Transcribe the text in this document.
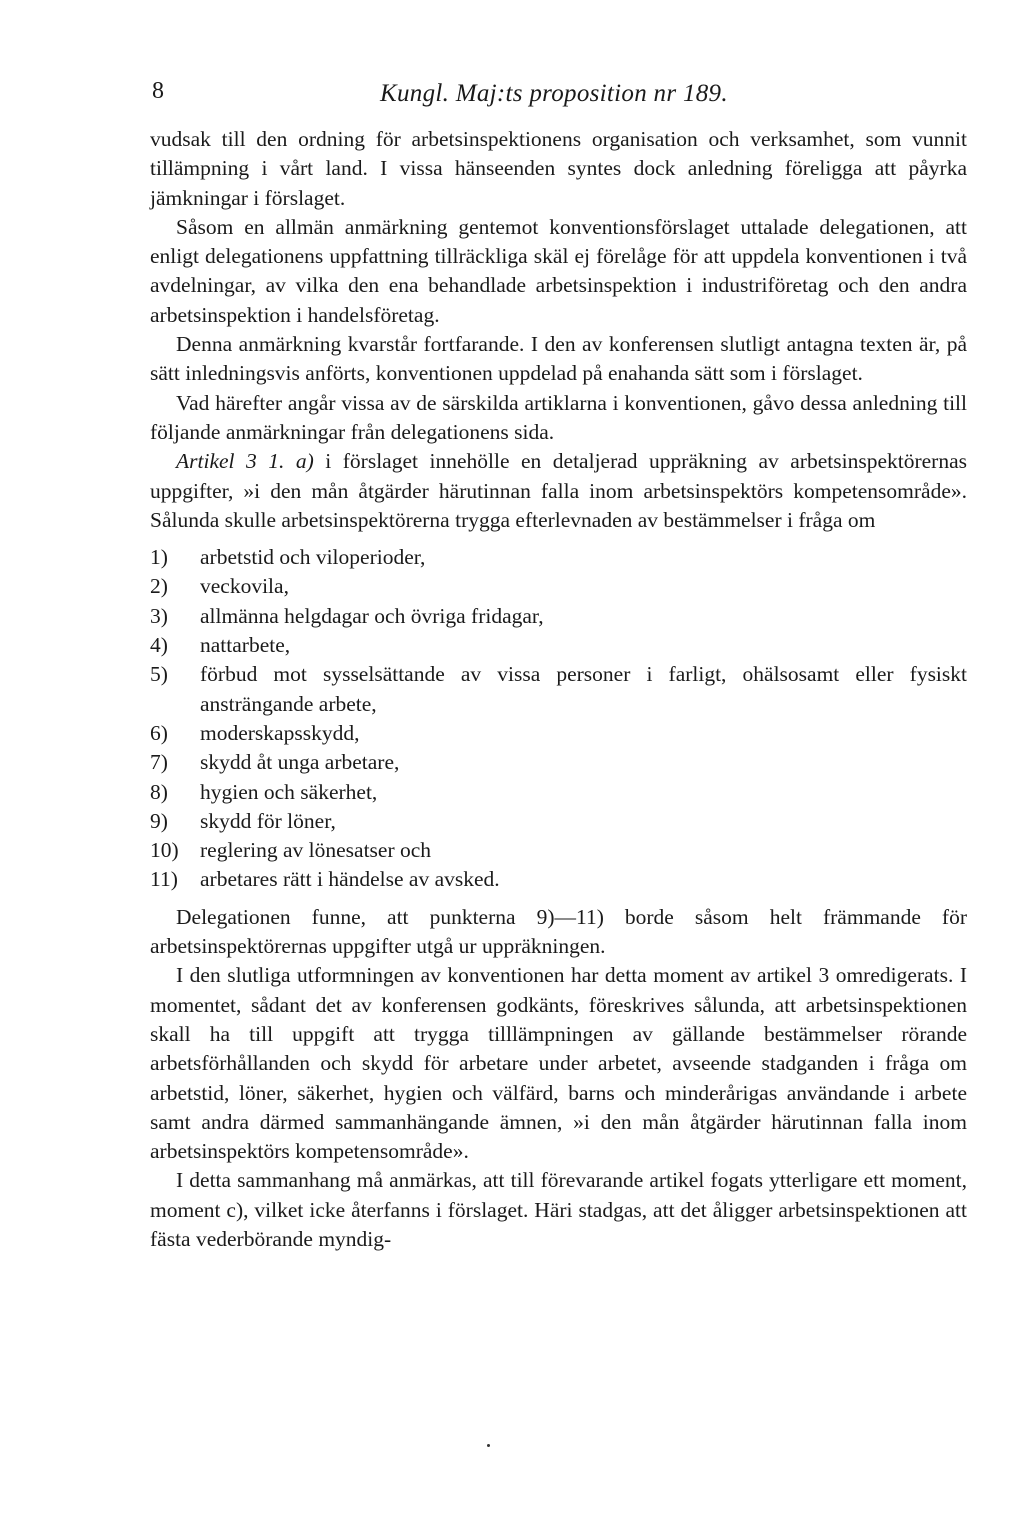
8	Kungl. Maj:ts proposition nr 189.

vudsak till den ordning för arbetsinspektionens organisation och verksamhet, som vunnit tillämpning i vårt land. I vissa hänseenden syntes dock anledning föreligga att påyrka jämkningar i förslaget.

Såsom en allmän anmärkning gentemot konventionsförslaget uttalade delegationen, att enligt delegationens uppfattning tillräckliga skäl ej förelåge för att uppdela konventionen i två avdelningar, av vilka den ena behandlade arbetsinspektion i industriföretag och den andra arbetsinspektion i handelsföretag.

Denna anmärkning kvarstår fortfarande. I den av konferensen slutligt antagna texten är, på sätt inledningsvis anförts, konventionen uppdelad på enahanda sätt som i förslaget.

Vad härefter angår vissa av de särskilda artiklarna i konventionen, gåvo dessa anledning till följande anmärkningar från delegationens sida.

Artikel 3 1. a) i förslaget innehölle en detaljerad uppräkning av arbetsinspektörernas uppgifter, »i den mån åtgärder härutinnan falla inom arbetsinspektörs kompetensområde». Sålunda skulle arbetsinspektörerna trygga efterlevnaden av bestämmelser i fråga om

1)	arbetstid och viloperioder,
2)	veckovila,
3)	allmänna helgdagar och övriga fridagar,
4)	nattarbete,
5)	förbud mot sysselsättande av vissa personer i farligt, ohälsosamt eller fysiskt ansträngande arbete,
6)	moderskapsskydd,
7)	skydd åt unga arbetare,
8)	hygien och säkerhet,
9)	skydd för löner,
10) reglering av lönesatser och
11)	arbetares rätt i händelse av avsked.

Delegationen funne, att punkterna 9)—11) borde såsom helt främmande för arbetsinspektörernas uppgifter utgå ur uppräkningen.

I den slutliga utformningen av konventionen har detta moment av artikel 3 omredigerats. I momentet, sådant det av konferensen godkänts, föreskrives sålunda, att arbetsinspektionen skall ha till uppgift att trygga tilllämpningen av gällande bestämmelser rörande arbetsförhållanden och skydd för arbetare under arbetet, avseende stadganden i fråga om arbetstid, löner, säkerhet, hygien och välfärd, barns och minderårigas användande i arbete samt andra därmed sammanhängande ämnen, »i den mån åtgärder härutinnan falla inom arbetsinspektörs kompetensområde».

I detta sammanhang må anmärkas, att till förevarande artikel fogats ytterligare ett moment, moment c), vilket icke återfanns i förslaget. Häri stadgas, att det åligger arbetsinspektionen att fästa vederbörande myndig-
